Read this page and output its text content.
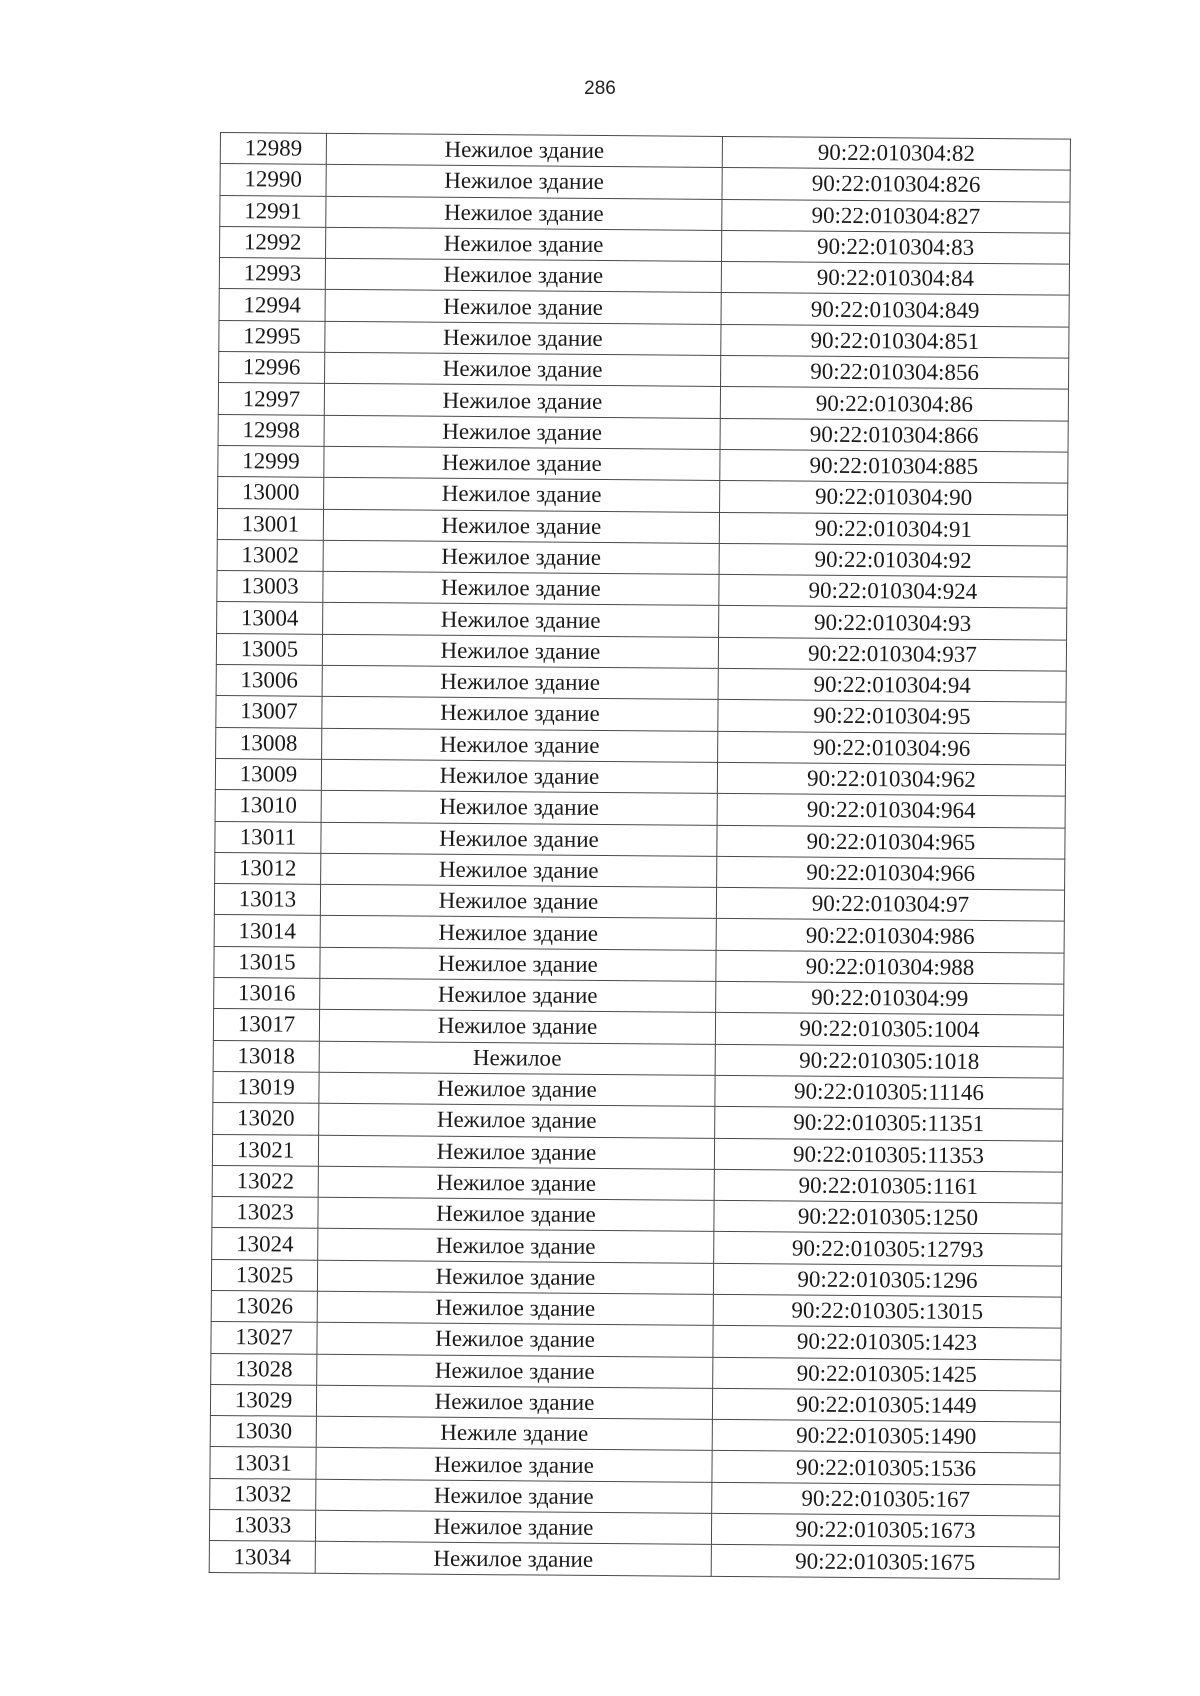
286
12989	Нежилое здание	90:22:010304:82
12990	Нежилое здание	90:22:010304:826
12991	Нежилое здание	90:22:010304:827
12992	Нежилое здание	90:22:010304:83
12993	Нежилое здание	90:22:010304:84
12994	Нежилое здание	90:22:010304:849
12995	Нежилое здание	90:22:010304:851
12996	Нежилое здание	90:22:010304:856
12997	Нежилое здание	90:22:010304:86
12998	Нежилое здание	90:22:010304:866
12999	Нежилое здание	90:22:010304:885
13000	Нежилое здание	90:22:010304:90
13001	Нежилое здание	90:22:010304:91
13002	Нежилое здание	90:22:010304:92
13003	Нежилое здание	90:22:010304:924
13004	Нежилое здание	90:22:010304:93
13005	Нежилое здание	90:22:010304:937
13006	Нежилое здание	90:22:010304:94
13007	Нежилое здание	90:22:010304:95
13008	Нежилое здание	90:22:010304:96
13009	Нежилое здание	90:22:010304:962
13010	Нежилое здание	90:22:010304:964
13011	Нежилое здание	90:22:010304:965
13012	Нежилое здание	90:22:010304:966
13013	Нежилое здание	90:22:010304:97
13014	Нежилое здание	90:22:010304:986
13015	Нежилое здание	90:22:010304:988
13016	Нежилое здание	90:22:010304:99
13017	Нежилое здание	90:22:010305:1004
13018	Нежилое	90:22:010305:1018
13019	Нежилое здание	90:22:010305:11146
13020	Нежилое здание	90:22:010305:11351
13021	Нежилое здание	90:22:010305:11353
13022	Нежилое здание	90:22:010305:1161
13023	Нежилое здание	90:22:010305:1250
13024	Нежилое здание	90:22:010305:12793
13025	Нежилое здание	90:22:010305:1296
13026	Нежилое здание	90:22:010305:13015
13027	Нежилое здание	90:22:010305:1423
13028	Нежилое здание	90:22:010305:1425
13029	Нежилое здание	90:22:010305:1449
13030	Нежиле здание	90:22:010305:1490
13031	Нежилое здание	90:22:010305:1536
13032	Нежилое здание	90:22:010305:167
13033	Нежилое здание	90:22:010305:1673
13034	Нежилое здание	90:22:010305:1675
